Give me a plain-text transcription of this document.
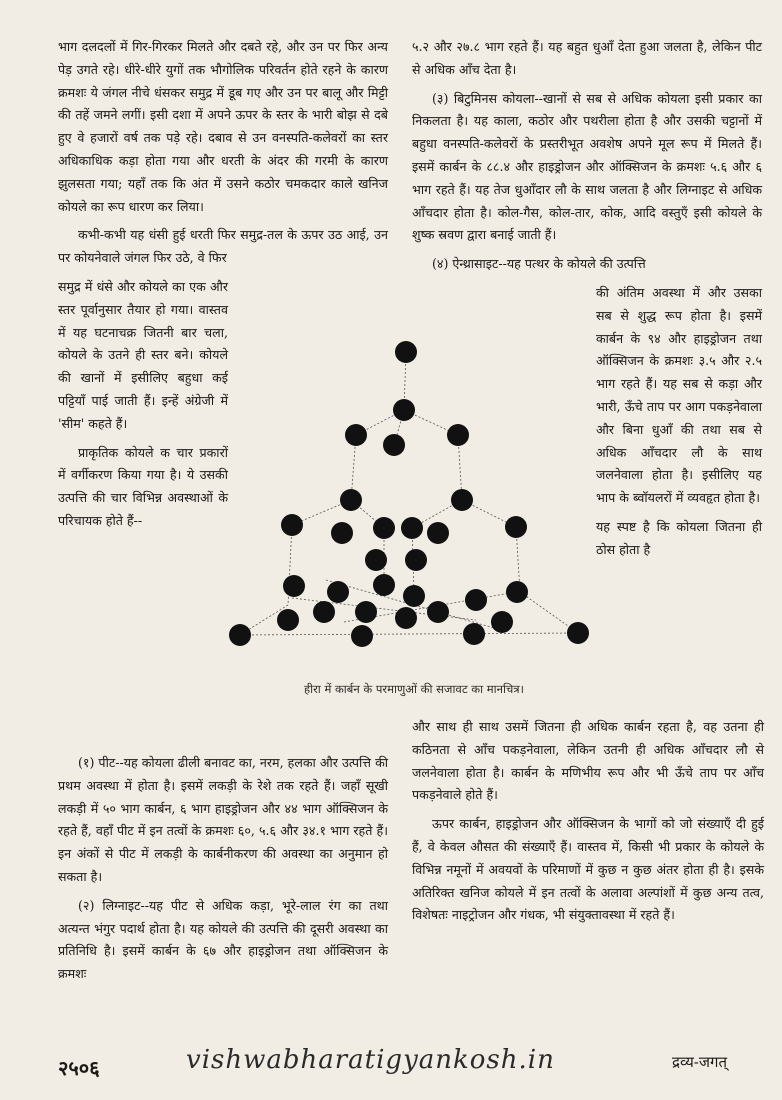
भाग दलदलों में गिर-गिरकर मिलते और दबते रहे, और उन पर फिर अन्य पेड़ उगते रहे। धीरे-धीरे युगों तक भौगोलिक परिवर्तन होते रहने के कारण क्रमशः ये जंगल नीचे धंसकर समुद्र में डूब गए और उन पर बालू और मिट्टी की तहें जमने लगीं। इसी दशा में अपने ऊपर के स्तर के भारी बोझ से दबे हुए वे हजारों वर्ष तक पड़े रहे। दबाव से उन वनस्पति-कलेवरों का स्तर अधिकाधिक कड़ा होता गया और धरती के अंदर की गरमी के कारण झुलसता गया; यहाँ तक कि अंत में उसने कठोर चमकदार काले खनिज कोयले का रूप धारण कर लिया।

कभी-कभी यह धंसी हुई धरती फिर समुद्र-तल के ऊपर उठ आई, उन पर कोयनेवाले जंगल फिर उठे, वे फिर

समुद्र में धंसे और कोयले का एक और स्तर पूर्वानुसार तैयार हो गया। वास्तव में यह घटनाचक्र जितनी बार चला, कोयले के उतने ही स्तर बने। कोयले की खानों में इसीलिए बहुधा कई पट्टियाँ पाई जाती हैं। इन्हें अंग्रेजी में 'सीम' कहते हैं।

प्राकृतिक कोयले क चार प्रकारों में वर्गीकरण किया गया है। ये उसकी उत्पत्ति की चार विभिन्न अवस्थाओं के परिचायक होते हैं--

५.२ और २७.८ भाग रहते हैं। यह बहुत धुआँ देता हुआ जलता है, लेकिन पीट से अधिक आँच देता है।

(३) बिटुमिनस कोयला--खानों से सब से अधिक कोयला इसी प्रकार का निकलता है। यह काला, कठोर और पथरीला होता है और उसकी चट्टानों में बहुधा वनस्पति-कलेवरों के प्रस्तरीभूत अवशेष अपने मूल रूप में मिलते हैं। इसमें कार्बन के ८८.४ और हाइड्रोजन और ऑक्सिजन के क्रमशः ५.६ और ६ भाग रहते हैं। यह तेज धुआँदार लौ के साथ जलता है और लिग्नाइट से अधिक आँचदार होता है। कोल-गैस, कोल-तार, कोक, आदि वस्तुएँ इसी कोयले के शुष्क स्रवण द्वारा बनाई जाती हैं।

(४) ऐन्थ्रासाइट--यह पत्थर के कोयले की उत्पत्ति

की अंतिम अवस्था में और उसका सब से शुद्ध रूप होता है। इसमें कार्बन के ९४ और हाइड्रोजन तथा ऑक्सिजन के क्रमशः ३.५ और २.५ भाग रहते हैं। यह सब से कड़ा और भारी, ऊँचे ताप पर आग पकड़नेवाला और बिना धुआँ की तथा सब से अधिक आँचदार लौ के साथ जलनेवाला होता है। इसीलिए यह भाप के ब्वॉयलरों में व्यवहृत होता है।

यह स्पष्ट है कि कोयला जितना ही ठोस होता है

हीरा में कार्बन के परमाणुओं की सजावट का मानचित्र।

(१) पीट--यह कोयला ढीली बनावट का, नरम, हलका और उत्पत्ति की प्रथम अवस्था में होता है। इसमें लकड़ी के रेशे तक रहते हैं। जहाँ सूखी लकड़ी में ५० भाग कार्बन, ६ भाग हाइड्रोजन और ४४ भाग ऑक्सिजन के रहते हैं, वहाँ पीट में इन तत्वों के क्रमशः ६०, ५.६ और ३४.१ भाग रहते हैं। इन अंकों से पीट में लकड़ी के कार्बनीकरण की अवस्था का अनुमान हो सकता है।

(२) लिग्नाइट--यह पीट से अधिक कड़ा, भूरे-लाल रंग का तथा अत्यन्त भंगुर पदार्थ होता है। यह कोयले की उत्पत्ति की दूसरी अवस्था का प्रतिनिधि है। इसमें कार्बन के ६७ और हाइड्रोजन तथा ऑक्सिजन के क्रमशः

और साथ ही साथ उसमें जितना ही अधिक कार्बन रहता है, वह उतना ही कठिनता से आँच पकड़नेवाला, लेकिन उतनी ही अधिक आँचदार लौ से जलनेवाला होता है। कार्बन के मणिभीय रूप और भी ऊँचे ताप पर आँच पकड़नेवाले होते हैं।

ऊपर कार्बन, हाइड्रोजन और ऑक्सिजन के भागों को जो संख्याएँ दी हुई हैं, वे केवल औसत की संख्याएँ हैं। वास्तव में, किसी भी प्रकार के कोयले के विभिन्न नमूनों में अवयवों के परिमाणों में कुछ न कुछ अंतर होता ही है। इसके अतिरिक्त खनिज कोयले में इन तत्वों के अलावा अल्पांशों में कुछ अन्य तत्व, विशेषतः नाइट्रोजन और गंधक, भी संयुक्तावस्था में रहते हैं।

२५०६	vishwabharatigyankosh.in	द्रव्य-जगत्
